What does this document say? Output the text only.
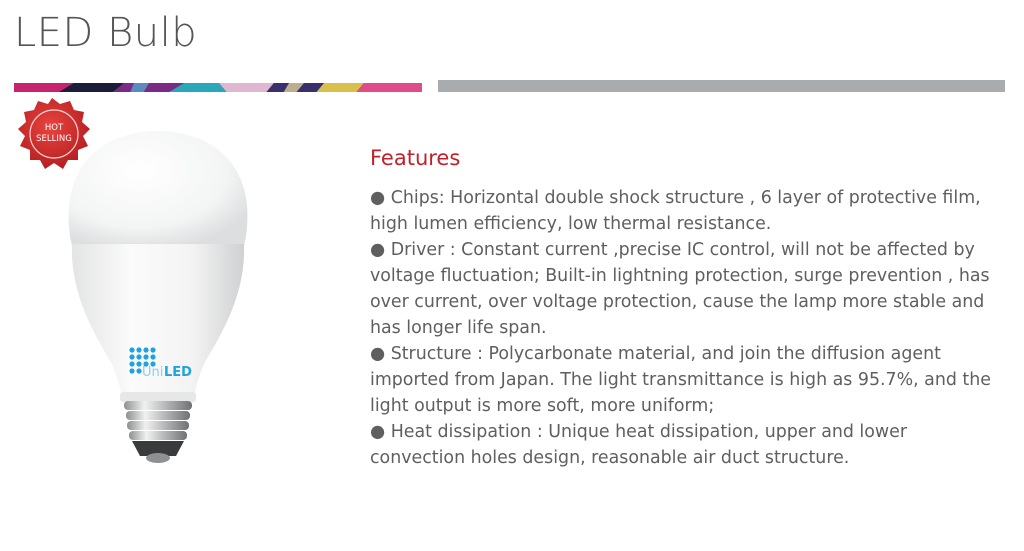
LED Bulb
Uni LED
HOT
SELLING
Features
● Chips: Horizontal double shock structure , 6 layer of protective film, high lumen efficiency, low thermal resistance.
● Driver : Constant current ,precise IC control, will not be affected by voltage fluctuation; Built-in lightning protection, surge prevention , has over current, over voltage protection, cause the lamp more stable and has longer life span.
● Structure : Polycarbonate material, and join the diffusion agent imported from Japan. The light transmittance is high as 95.7%, and the light output is more soft, more uniform;
● Heat dissipation : Unique heat dissipation, upper and lower convection holes design, reasonable air duct structure.
